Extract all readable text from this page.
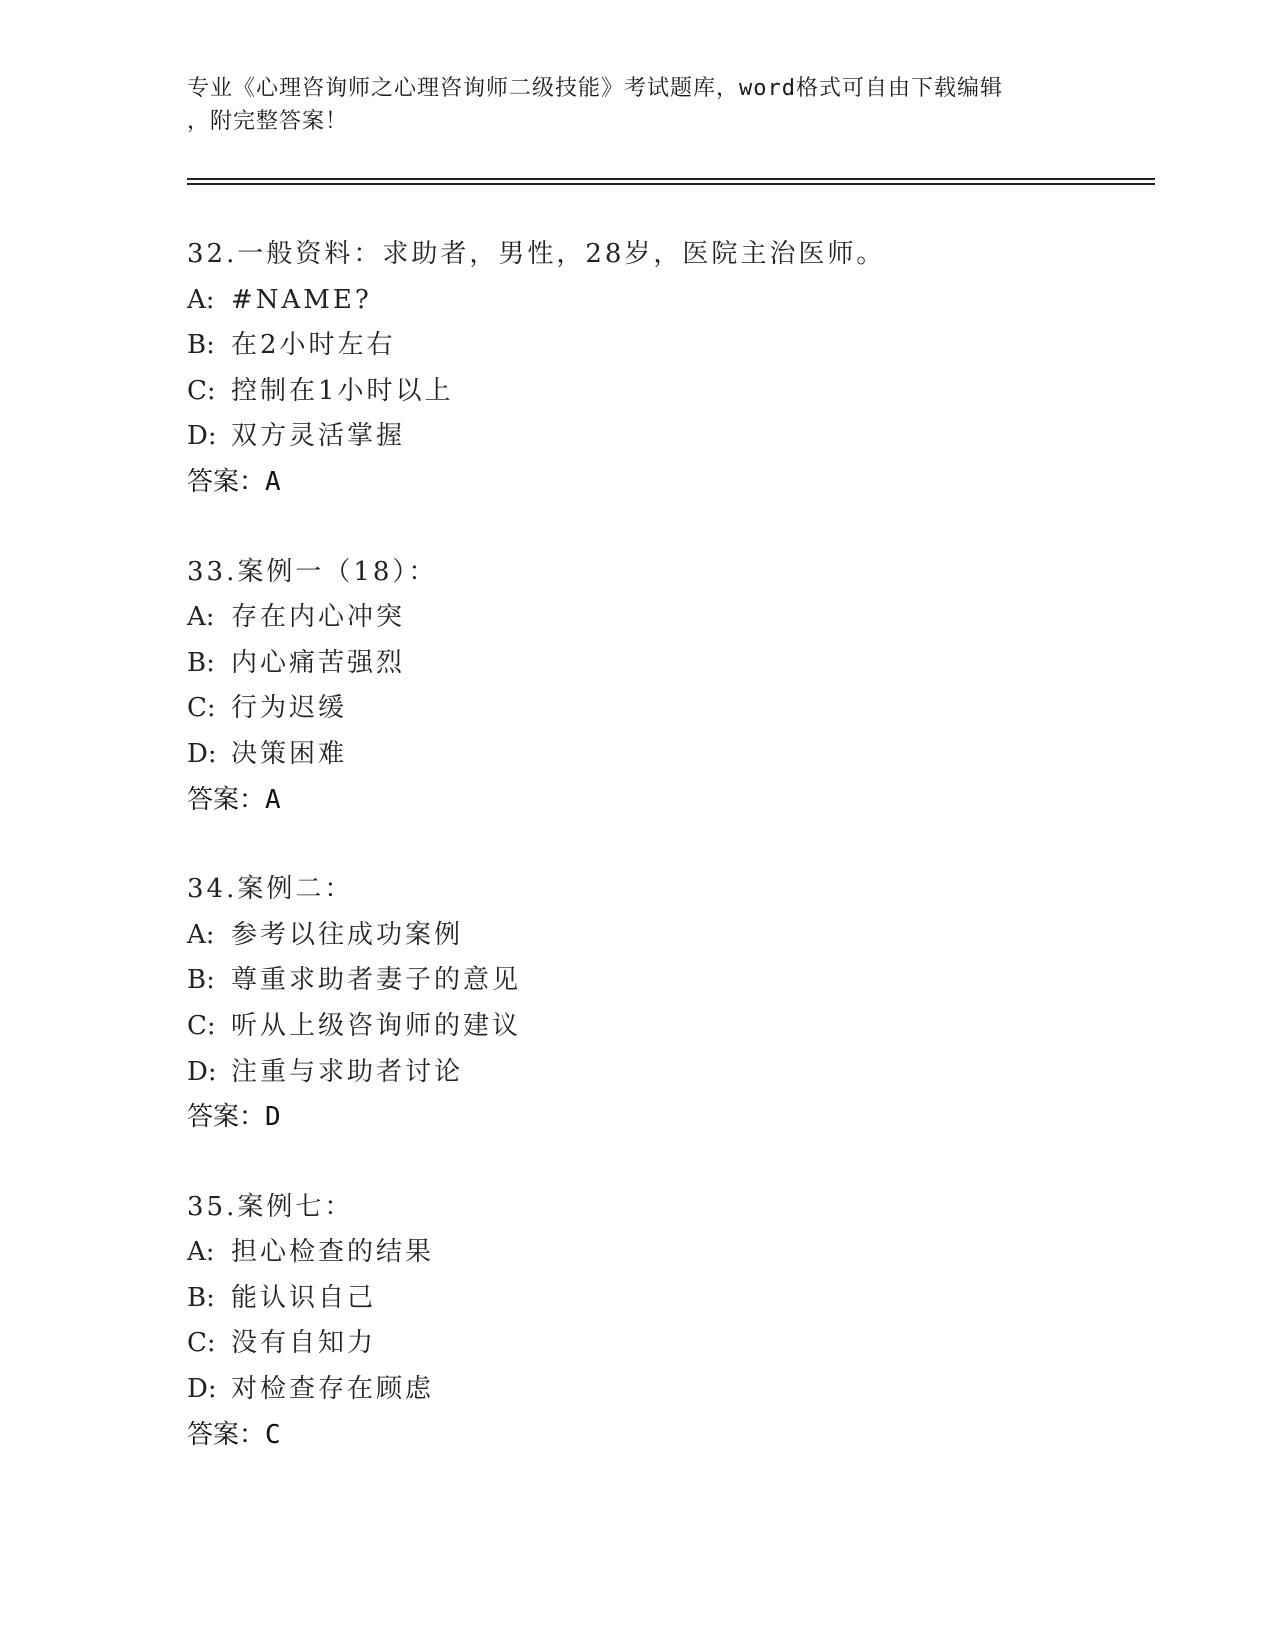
专业《心理咨询师之心理咨询师二级技能》考试题库，word格式可自由下载编辑
，附完整答案！
32.一般资料：求助者，男性，28岁，医院主治医师。
A: #NAME?
B: 在2小时左右
C: 控制在1小时以上
D: 双方灵活掌握
答案：A
33.案例一（18）：
A: 存在内心冲突
B: 内心痛苦强烈
C: 行为迟缓
D: 决策困难
答案：A
34.案例二：
A: 参考以往成功案例
B: 尊重求助者妻子的意见
C: 听从上级咨询师的建议
D: 注重与求助者讨论
答案：D
35.案例七：
A: 担心检查的结果
B: 能认识自己
C: 没有自知力
D: 对检查存在顾虑
答案：C
